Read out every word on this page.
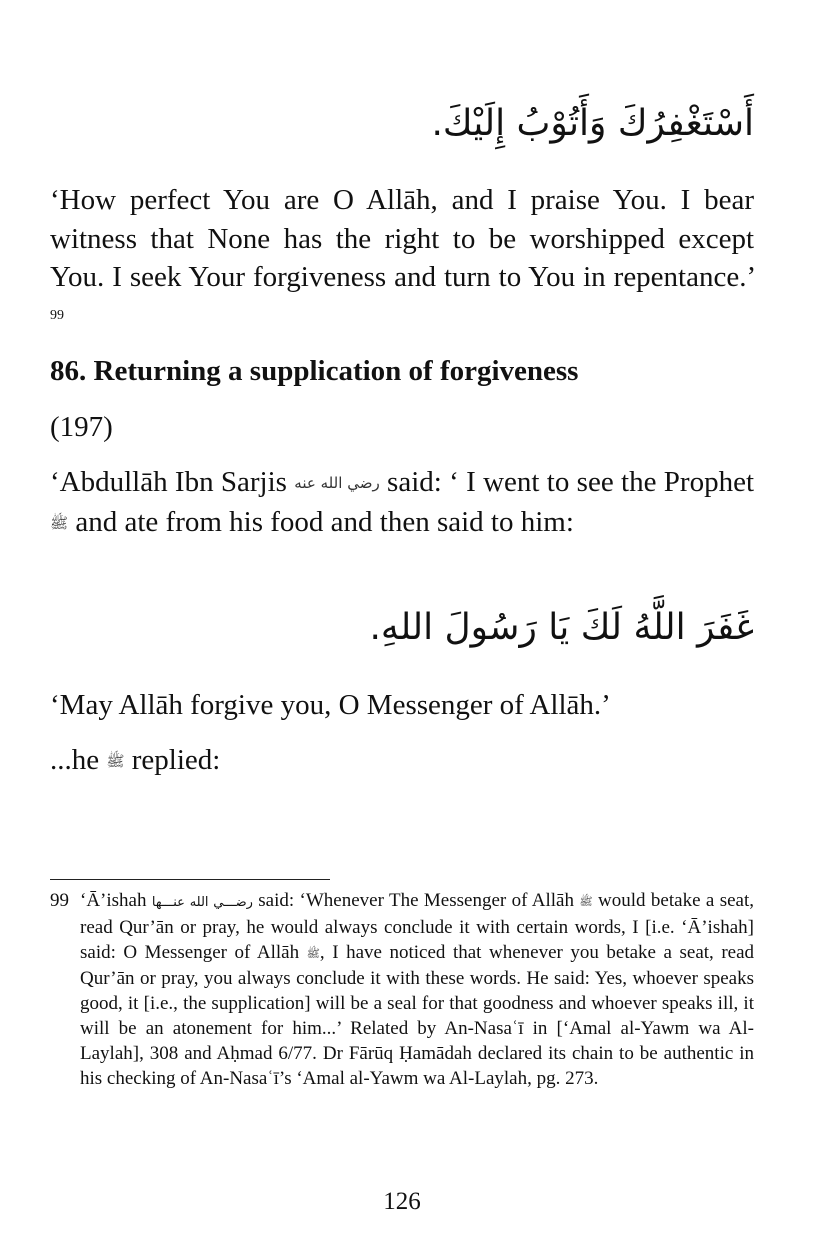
أَسْتَغْفِرُكَ وَأَتُوْبُ إِلَيْكَ.

‘How perfect You are O Allāh, and I praise You. I bear witness that None has the right to be worshipped except You. I seek Your forgiveness and turn to You in repentance.’ $^{99}$

86. Returning a supplication of forgiveness

(197)

‘Abdullāh Ibn Sarjis رضي الله عنه said: ‘ I went to see the Prophet ﷺ and ate from his food and then said to him:

غَفَرَ اللَّهُ لَكَ يَا رَسُولَ اللهِ.

‘May Allāh forgive you, O Messenger of Allāh.’

...he ﷺ replied:

99 ‘Ā’ishah رضـــي الله عنـــها said: ‘Whenever The Messenger of Allāh ﷺ would betake a seat, read Qur’ān or pray, he would always conclude it with certain words, I [i.e. ‘Ā’ishah] said: O Messenger of Allāh ﷺ, I have noticed that whenever you betake a seat, read Qur’ān or pray, you always conclude it with these words. He said: Yes, whoever speaks good, it [i.e., the supplication] will be a seal for that goodness and whoever speaks ill, it will be an atonement for him...’ Related by An-Nasaʿī in [‘Amal al-Yawm wa Al-Laylah], 308 and Aḥmad 6/77. Dr Fārūq Ḥamādah declared its chain to be authentic in his checking of An-Nasaʿī’s ‘Amal al-Yawm wa Al-Laylah, pg. 273.
126
